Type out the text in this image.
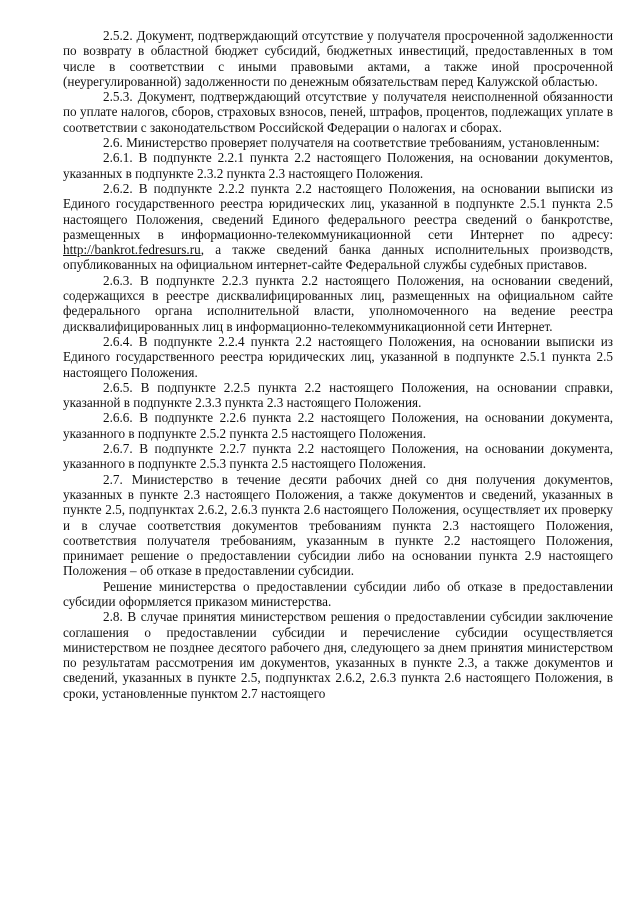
2.5.2. Документ, подтверждающий отсутствие у получателя просроченной задолженности по возврату в областной бюджет субсидий, бюджетных инвестиций, предоставленных в том числе в соответствии с иными правовыми актами, а также иной просроченной (неурегулированной) задолженности по денежным обязательствам перед Калужской областью.

2.5.3. Документ, подтверждающий отсутствие у получателя неисполненной обязанности по уплате налогов, сборов, страховых взносов, пеней, штрафов, процентов, подлежащих уплате в соответствии с законодательством Российской Федерации о налогах и сборах.

2.6. Министерство проверяет получателя на соответствие требованиям, установленным:

2.6.1. В подпункте 2.2.1 пункта 2.2 настоящего Положения, на основании документов, указанных в подпункте 2.3.2 пункта 2.3 настоящего Положения.

2.6.2. В подпункте 2.2.2 пункта 2.2 настоящего Положения, на основании выписки из Единого государственного реестра юридических лиц, указанной в подпункте 2.5.1 пункта 2.5 настоящего Положения, сведений Единого федерального реестра сведений о банкротстве, размещенных в информационно-телекоммуникационной сети Интернет по адресу: http://bankrot.fedresurs.ru, а также сведений банка данных исполнительных производств, опубликованных на официальном интернет-сайте Федеральной службы судебных приставов.

2.6.3. В подпункте 2.2.3 пункта 2.2 настоящего Положения, на основании сведений, содержащихся в реестре дисквалифицированных лиц, размещенных на официальном сайте федерального органа исполнительной власти, уполномоченного на ведение реестра дисквалифицированных лиц в информационно-телекоммуникационной сети Интернет.

2.6.4. В подпункте 2.2.4 пункта 2.2 настоящего Положения, на основании выписки из Единого государственного реестра юридических лиц, указанной в подпункте 2.5.1 пункта 2.5 настоящего Положения.

2.6.5. В подпункте 2.2.5 пункта 2.2 настоящего Положения, на основании справки, указанной в подпункте 2.3.3 пункта 2.3 настоящего Положения.

2.6.6. В подпункте 2.2.6 пункта 2.2 настоящего Положения, на основании документа, указанного в подпункте 2.5.2 пункта 2.5 настоящего Положения.

2.6.7. В подпункте 2.2.7 пункта 2.2 настоящего Положения, на основании документа, указанного в подпункте 2.5.3 пункта 2.5 настоящего Положения.

2.7. Министерство в течение десяти рабочих дней со дня получения документов, указанных в пункте 2.3 настоящего Положения, а также документов и сведений, указанных в пункте 2.5, подпунктах 2.6.2, 2.6.3 пункта 2.6 настоящего Положения, осуществляет их проверку и в случае соответствия документов требованиям пункта 2.3 настоящего Положения, соответствия получателя требованиям, указанным в пункте 2.2 настоящего Положения, принимает решение о предоставлении субсидии либо на основании пункта 2.9 настоящего Положения – об отказе в предоставлении субсидии.

Решение министерства о предоставлении субсидии либо об отказе в предоставлении субсидии оформляется приказом министерства.

2.8. В случае принятия министерством решения о предоставлении субсидии заключение соглашения о предоставлении субсидии и перечисление субсидии осуществляется министерством не позднее десятого рабочего дня, следующего за днем принятия министерством по результатам рассмотрения им документов, указанных в пункте 2.3, а также документов и сведений, указанных в пункте 2.5, подпунктах 2.6.2, 2.6.3 пункта 2.6 настоящего Положения, в сроки, установленные пунктом 2.7 настоящего
